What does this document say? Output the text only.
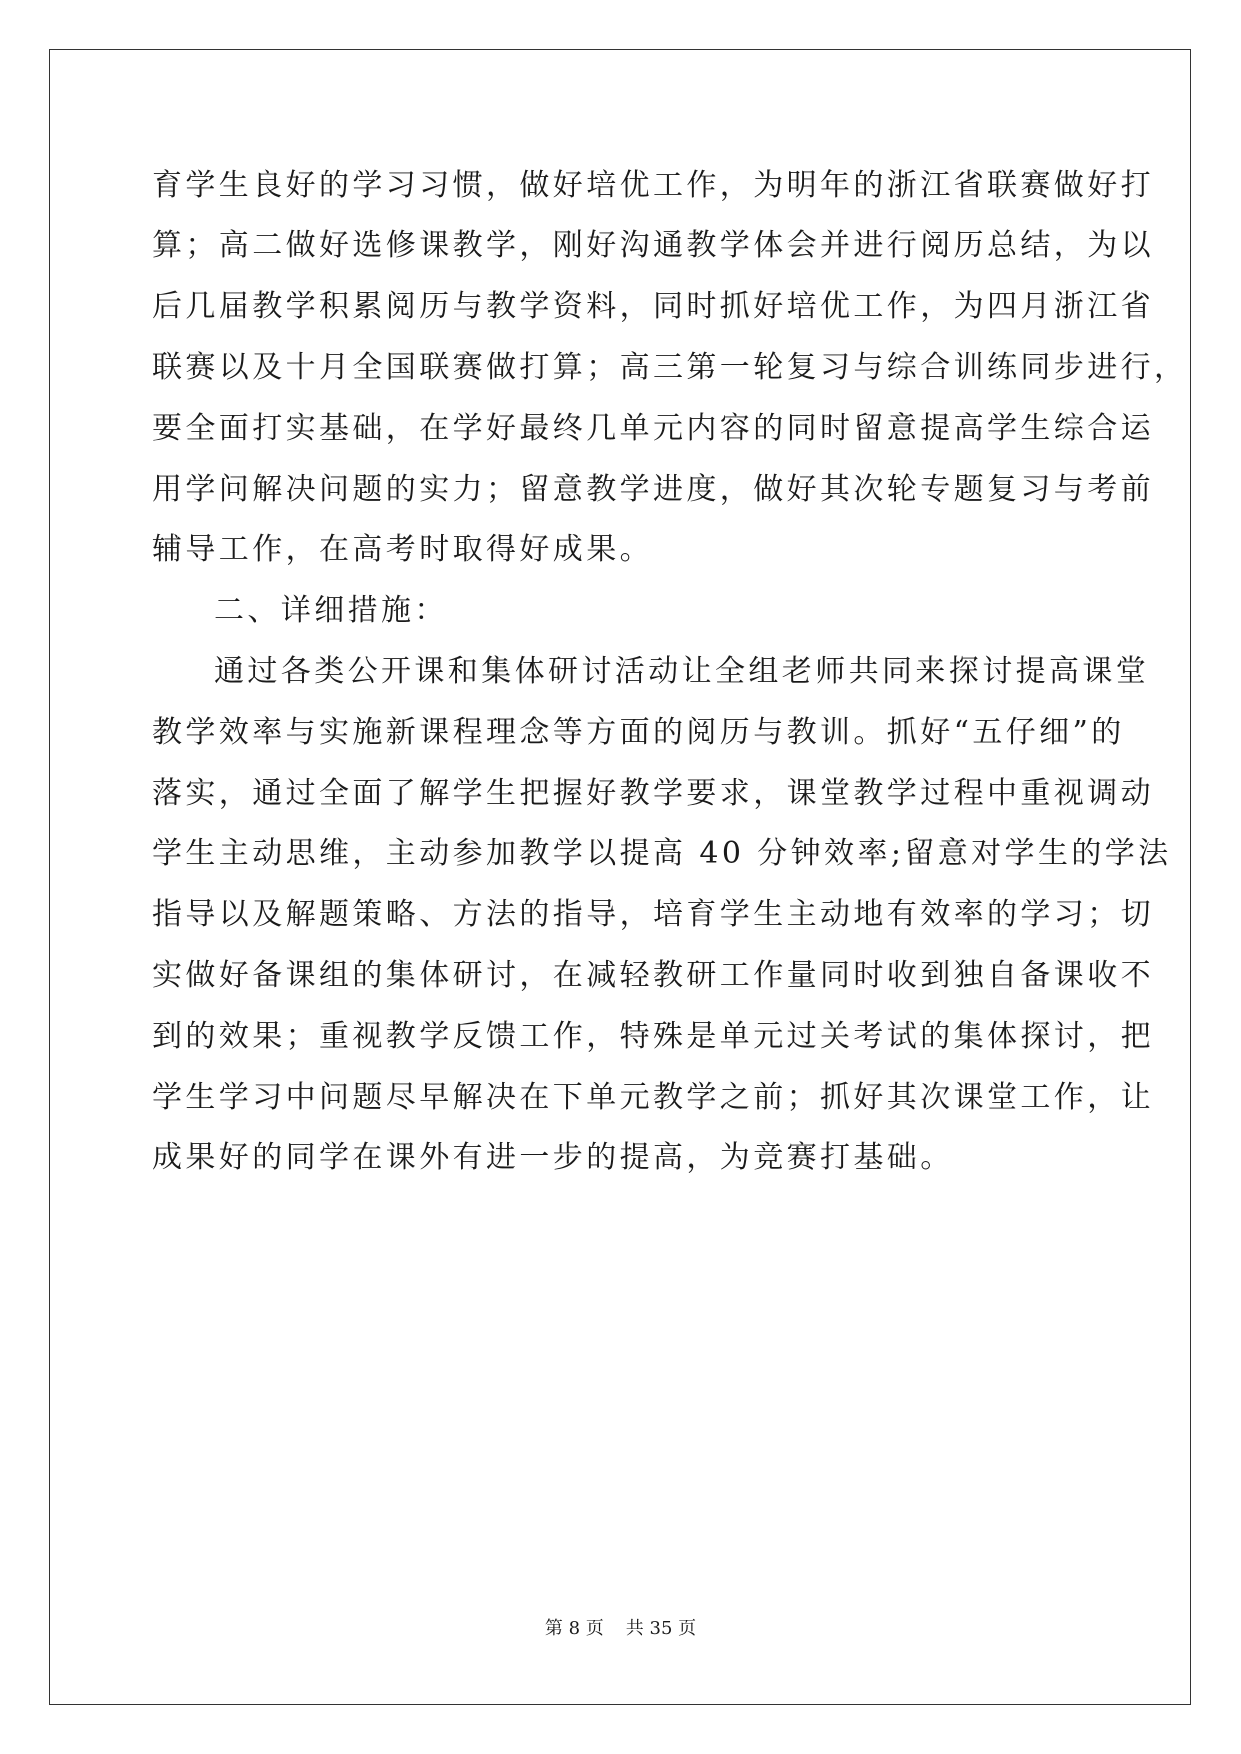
育学生良好的学习习惯，做好培优工作，为明年的浙江省联赛做好打
算；高二做好选修课教学，刚好沟通教学体会并进行阅历总结，为以
后几届教学积累阅历与教学资料，同时抓好培优工作，为四月浙江省
联赛以及十月全国联赛做打算；高三第一轮复习与综合训练同步进行，
要全面打实基础，在学好最终几单元内容的同时留意提高学生综合运
用学问解决问题的实力；留意教学进度，做好其次轮专题复习与考前
辅导工作，在高考时取得好成果。
二、详细措施：
通过各类公开课和集体研讨活动让全组老师共同来探讨提高课堂
教学效率与实施新课程理念等方面的阅历与教训。抓好“五仔细”的
落实，通过全面了解学生把握好教学要求，课堂教学过程中重视调动
学生主动思维，主动参加教学以提高 40 分钟效率;留意对学生的学法
指导以及解题策略、方法的指导，培育学生主动地有效率的学习；切
实做好备课组的集体研讨，在减轻教研工作量同时收到独自备课收不
到的效果；重视教学反馈工作，特殊是单元过关考试的集体探讨，把
学生学习中问题尽早解决在下单元教学之前；抓好其次课堂工作，让
成果好的同学在课外有进一步的提高，为竞赛打基础。
第 8 页 共 35 页
